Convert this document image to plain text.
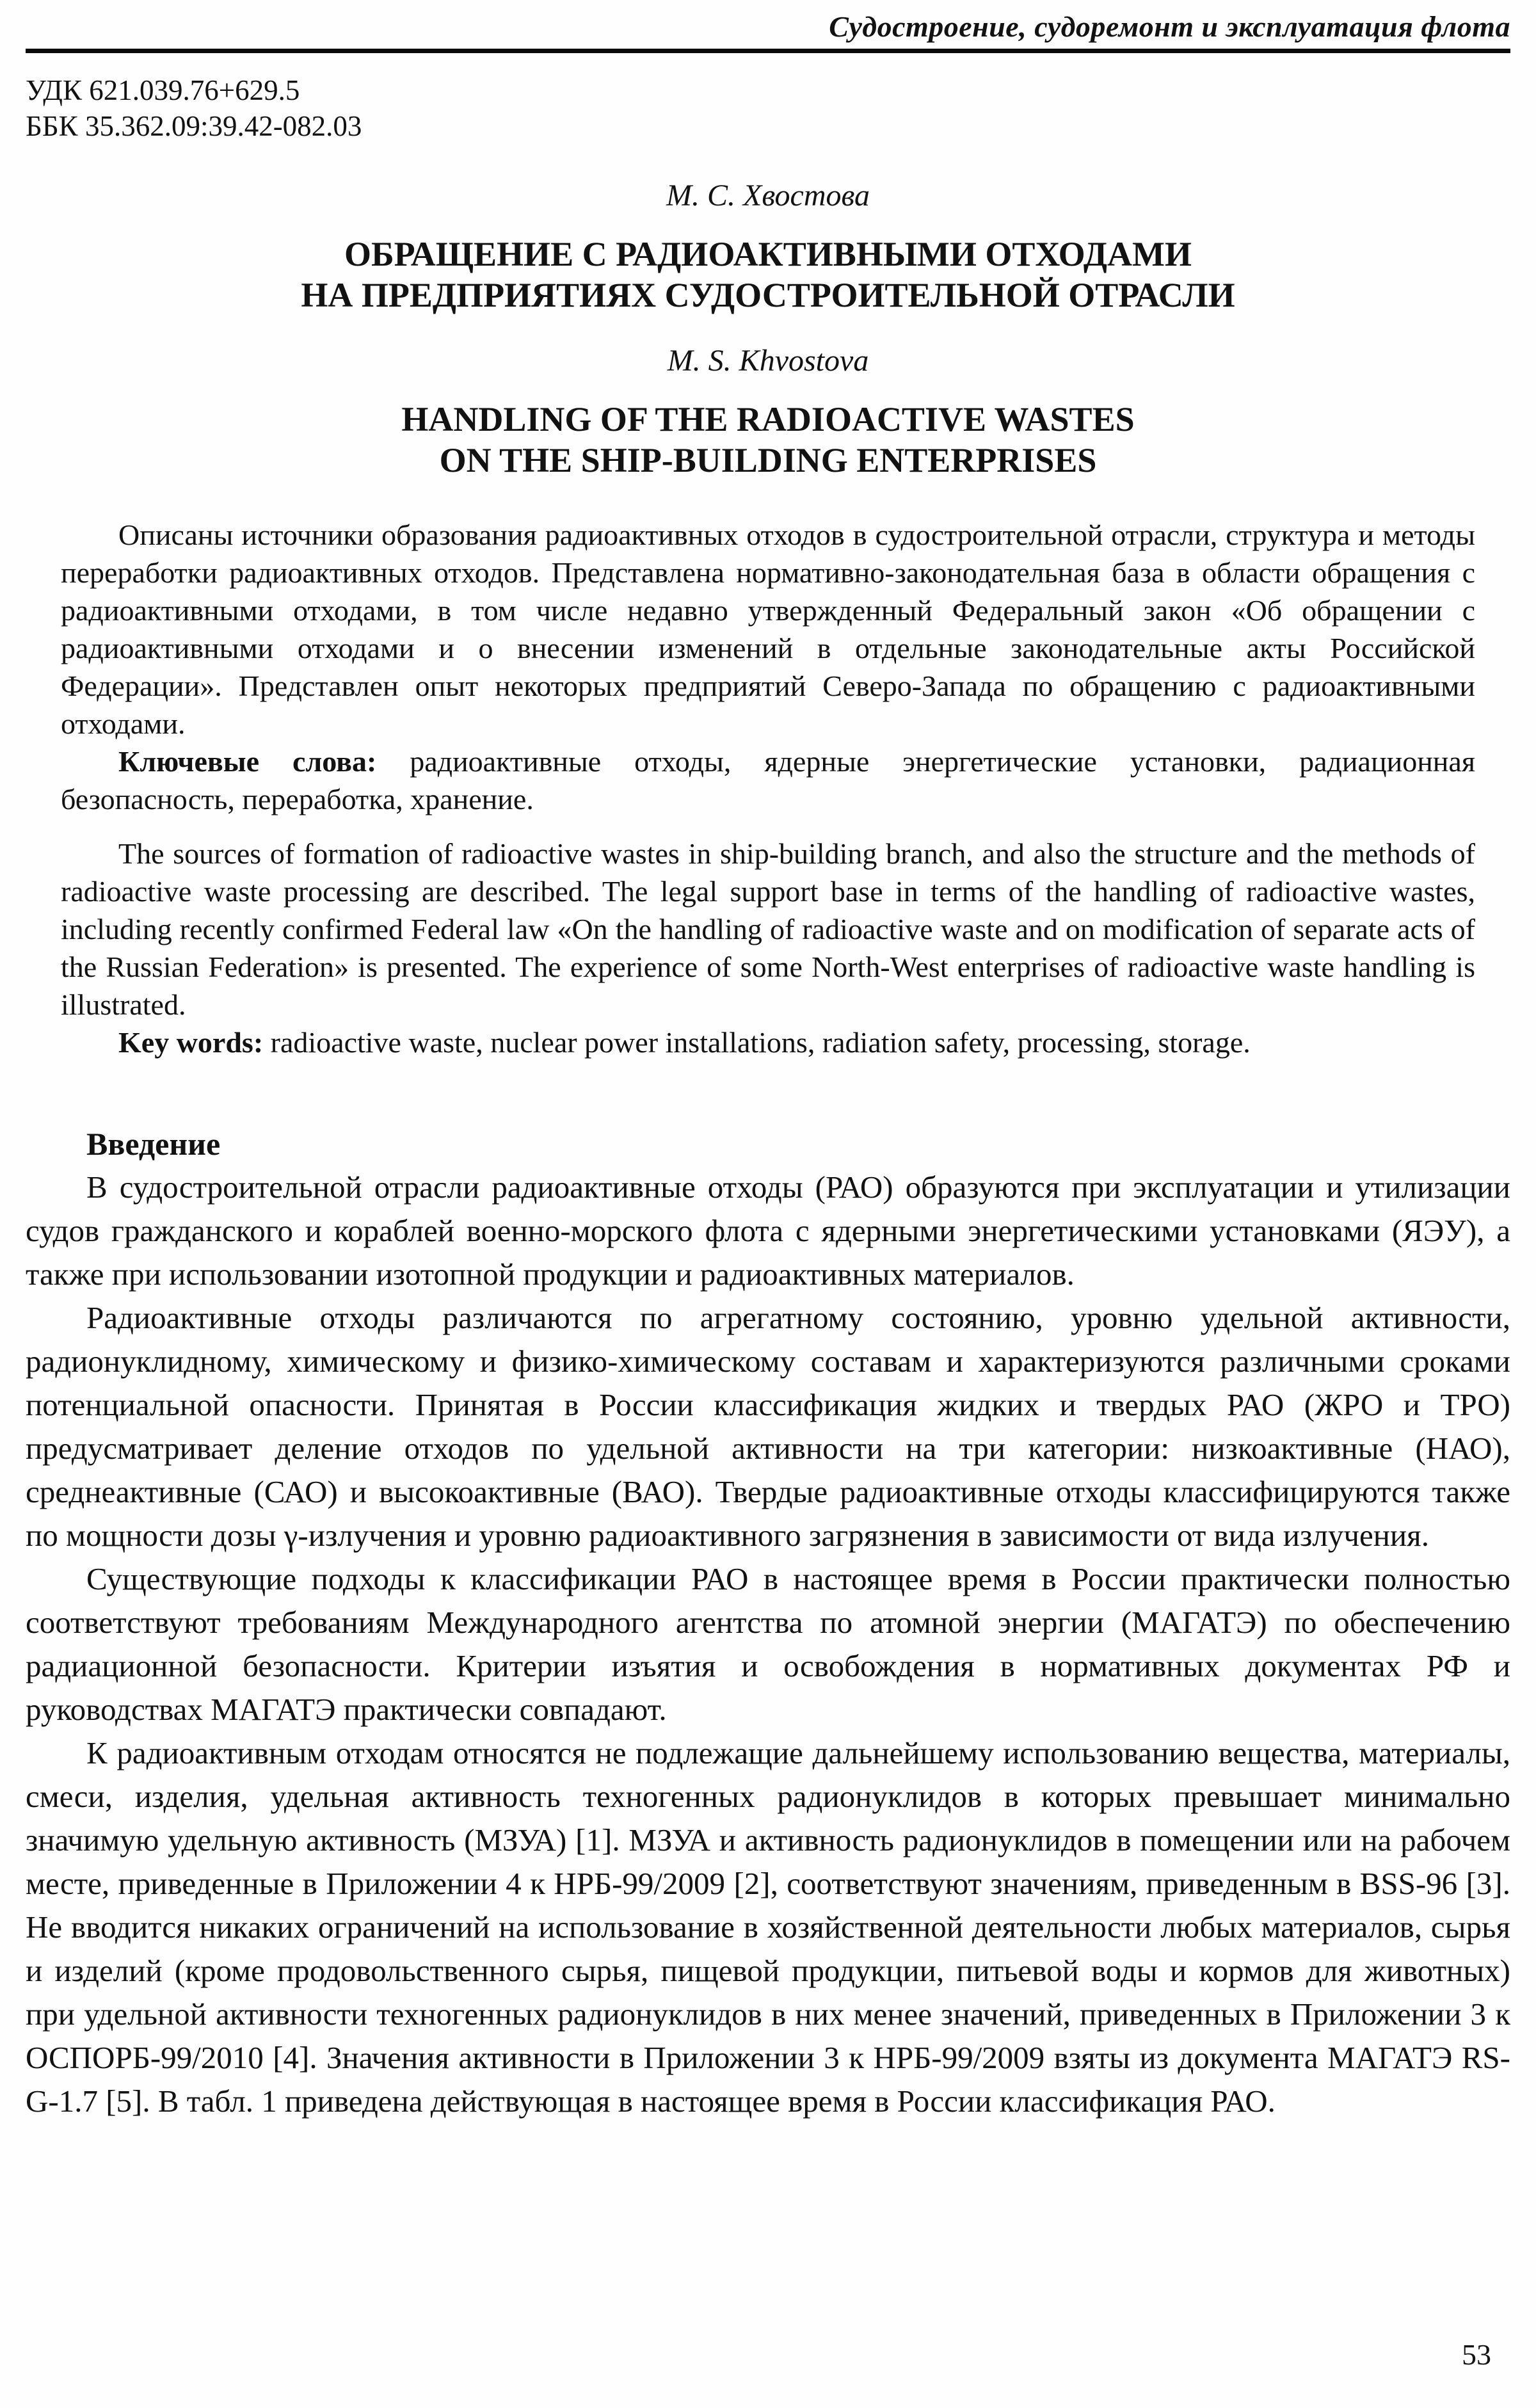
Судостроение, судоремонт и эксплуатация флота
УДК 621.039.76+629.5
ББК 35.362.09:39.42-082.03
М. С. Хвостова
ОБРАЩЕНИЕ С РАДИОАКТИВНЫМИ ОТХОДАМИ
НА ПРЕДПРИЯТИЯХ СУДОСТРОИТЕЛЬНОЙ ОТРАСЛИ
M. S. Khvostova
HANDLING OF THE RADIOACTIVE WASTES
ON THE SHIP-BUILDING ENTERPRISES

Описаны источники образования радиоактивных отходов в судостроительной отрасли, структура и методы переработки радиоактивных отходов. Представлена нормативно-законодательная база в области обращения с радиоактивными отходами, в том числе недавно утвержденный Федеральный закон «Об обращении с радиоактивными отходами и о внесении изменений в отдельные законодательные акты Российской Федерации». Представлен опыт некоторых предприятий Северо-Запада по обращению с радиоактивными отходами.

Ключевые слова: радиоактивные отходы, ядерные энергетические установки, радиационная безопасность, переработка, хранение.

The sources of formation of radioactive wastes in ship-building branch, and also the structure and the methods of radioactive waste processing are described. The legal support base in terms of the handling of radioactive wastes, including recently confirmed Federal law «On the handling of radioactive waste and on modification of separate acts of the Russian Federation» is presented. The experience of some North-West enterprises of radioactive waste handling is illustrated.

Key words: radioactive waste, nuclear power installations, radiation safety, processing, storage.

Введение

В судостроительной отрасли радиоактивные отходы (РАО) образуются при эксплуатации и утилизации судов гражданского и кораблей военно-морского флота с ядерными энергетическими установками (ЯЭУ), а также при использовании изотопной продукции и радиоактивных материалов.

Радиоактивные отходы различаются по агрегатному состоянию, уровню удельной активности, радионуклидному, химическому и физико-химическому составам и характеризуются различными сроками потенциальной опасности. Принятая в России классификация жидких и твердых РАО (ЖРО и ТРО) предусматривает деление отходов по удельной активности на три категории: низкоактивные (НАО), среднеактивные (САО) и высокоактивные (ВАО). Твердые радиоактивные отходы классифицируются также по мощности дозы γ-излучения и уровню радиоактивного загрязнения в зависимости от вида излучения.

Существующие подходы к классификации РАО в настоящее время в России практически полностью соответствуют требованиям Международного агентства по атомной энергии (МАГАТЭ) по обеспечению радиационной безопасности. Критерии изъятия и освобождения в нормативных документах РФ и руководствах МАГАТЭ практически совпадают.

К радиоактивным отходам относятся не подлежащие дальнейшему использованию вещества, материалы, смеси, изделия, удельная активность техногенных радионуклидов в которых превышает минимально значимую удельную активность (МЗУА) [1]. МЗУА и активность радионуклидов в помещении или на рабочем месте, приведенные в Приложении 4 к НРБ-99/2009 [2], соответствуют значениям, приведенным в BSS-96 [3]. Не вводится никаких ограничений на использование в хозяйственной деятельности любых материалов, сырья и изделий (кроме продовольственного сырья, пищевой продукции, питьевой воды и кормов для животных) при удельной активности техногенных радионуклидов в них менее значений, приведенных в Приложении 3 к ОСПОРБ-99/2010 [4]. Значения активности в Приложении 3 к НРБ-99/2009 взяты из документа МАГАТЭ RS-G-1.7 [5]. В табл. 1 приведена действующая в настоящее время в России классификация РАО.

53
